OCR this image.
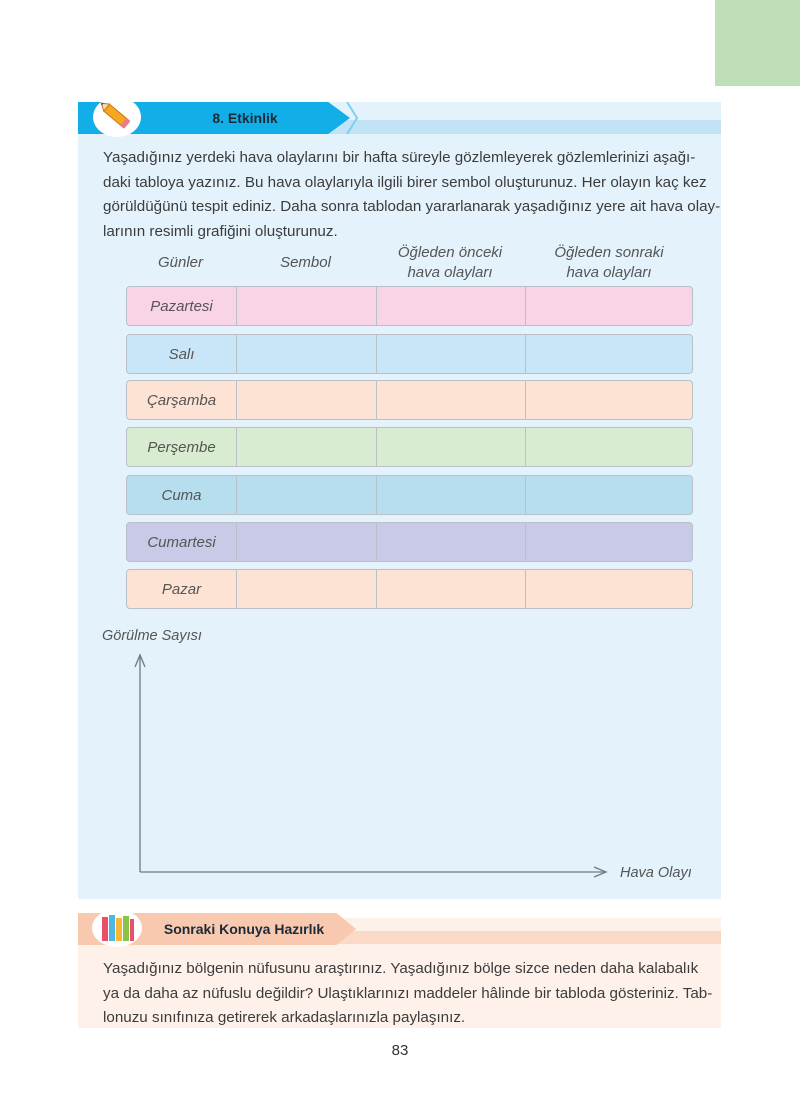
8. Etkinlik
Yaşadığınız yerdeki hava olaylarını bir hafta süreyle gözlemleyerek gözlemlerinizi aşağı-
daki tabloya yazınız. Bu hava olaylarıyla ilgili birer sembol oluşturunuz. Her olayın kaç kez
görüldüğünü tespit ediniz. Daha sonra tablodan yararlanarak yaşadığınız yere ait hava olay-
larının resimli grafiğini oluşturunuz.
Günler	Sembol
Öğleden önceki
hava olayları
Öğleden sonraki
hava olayları
Pazartesi
Salı
Çarşamba
Perşembe
Cuma
Cumartesi
Pazar
Görülme Sayısı
Hava Olayı
Sonraki Konuya Hazırlık
Yaşadığınız bölgenin nüfusunu araştırınız. Yaşadığınız bölge sizce neden daha kalabalık
ya da daha az nüfuslu değildir? Ulaştıklarınızı maddeler hâlinde bir tabloda gösteriniz. Tab-
lonuzu sınıfınıza getirerek arkadaşlarınızla paylaşınız.
83
